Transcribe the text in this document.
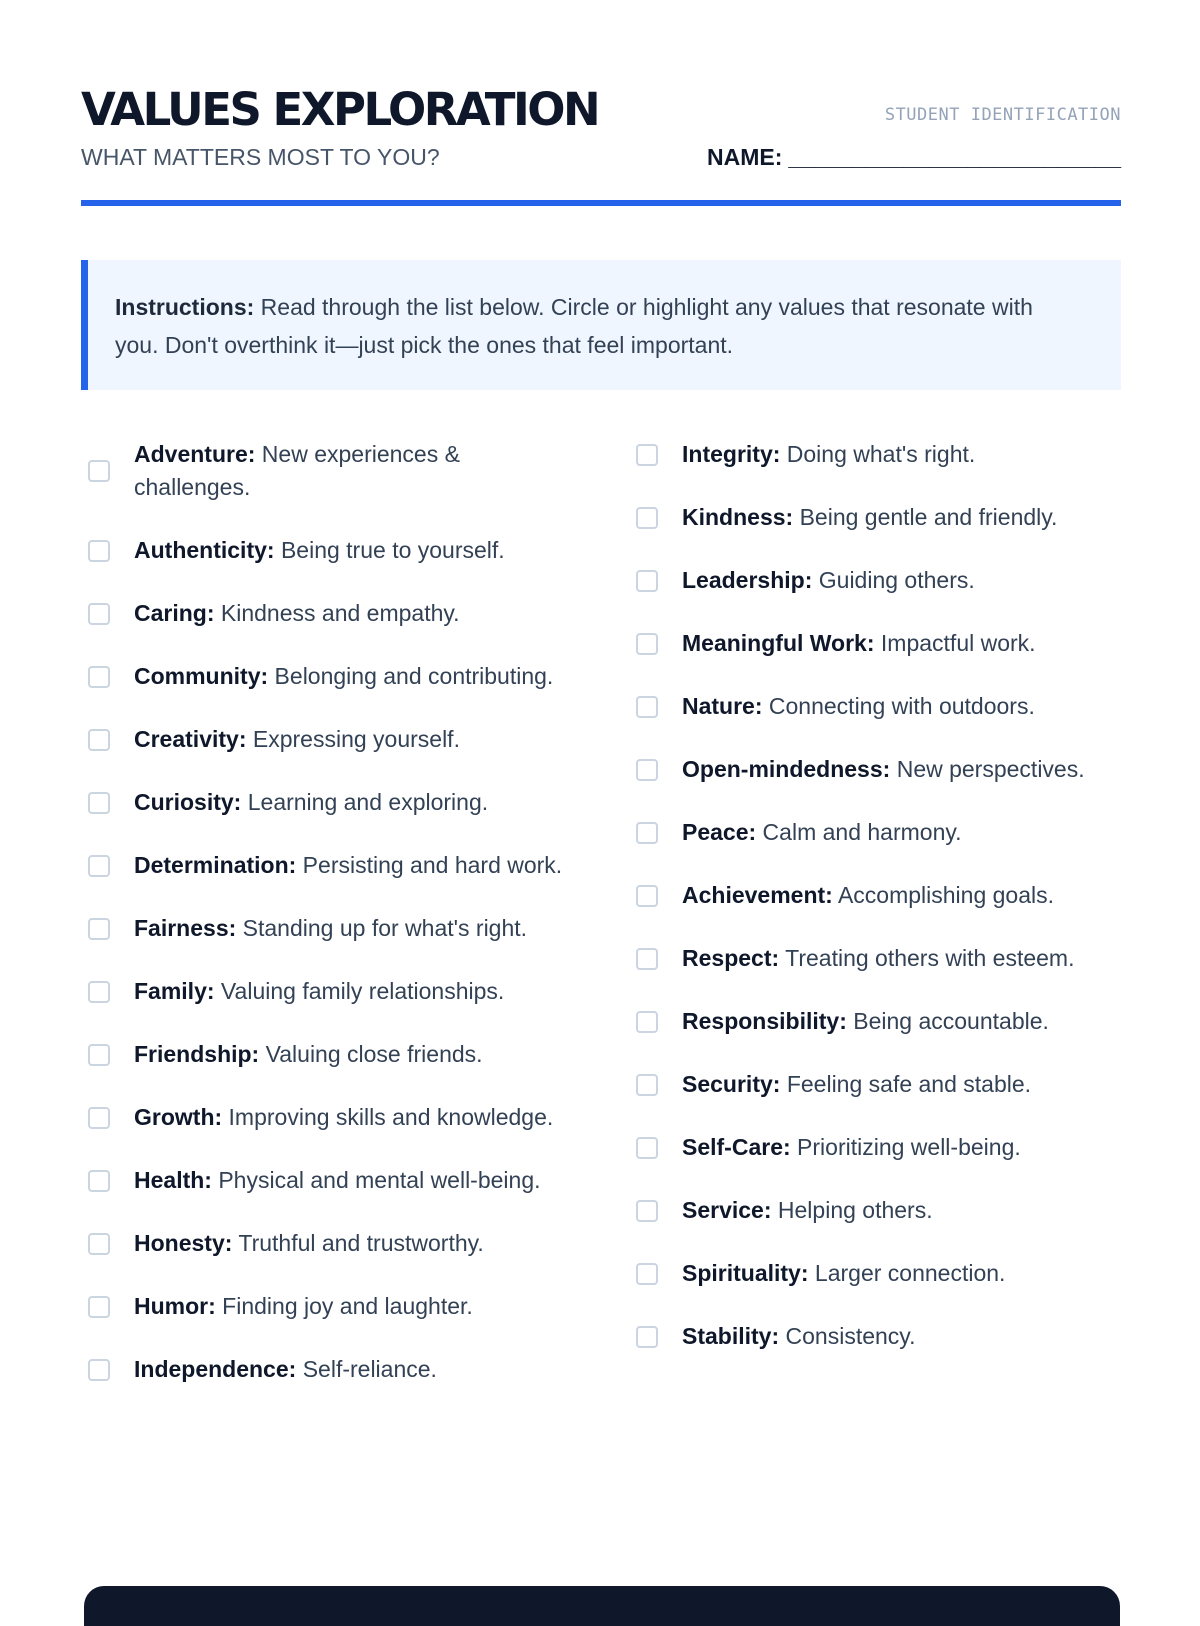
VALUES EXPLORATION
WHAT MATTERS MOST TO YOU?
STUDENT IDENTIFICATION
NAME: __________________________
Instructions: Read through the list below. Circle or highlight any values that resonate with you. Don't overthink it—just pick the ones that feel important.
Adventure: New experiences & challenges.
Authenticity: Being true to yourself.
Caring: Kindness and empathy.
Community: Belonging and contributing.
Creativity: Expressing yourself.
Curiosity: Learning and exploring.
Determination: Persisting and hard work.
Fairness: Standing up for what's right.
Family: Valuing family relationships.
Friendship: Valuing close friends.
Growth: Improving skills and knowledge.
Health: Physical and mental well-being.
Honesty: Truthful and trustworthy.
Humor: Finding joy and laughter.
Independence: Self-reliance.
Integrity: Doing what's right.
Kindness: Being gentle and friendly.
Leadership: Guiding others.
Meaningful Work: Impactful work.
Nature: Connecting with outdoors.
Open-mindedness: New perspectives.
Peace: Calm and harmony.
Achievement: Accomplishing goals.
Respect: Treating others with esteem.
Responsibility: Being accountable.
Security: Feeling safe and stable.
Self-Care: Prioritizing well-being.
Service: Helping others.
Spirituality: Larger connection.
Stability: Consistency.
